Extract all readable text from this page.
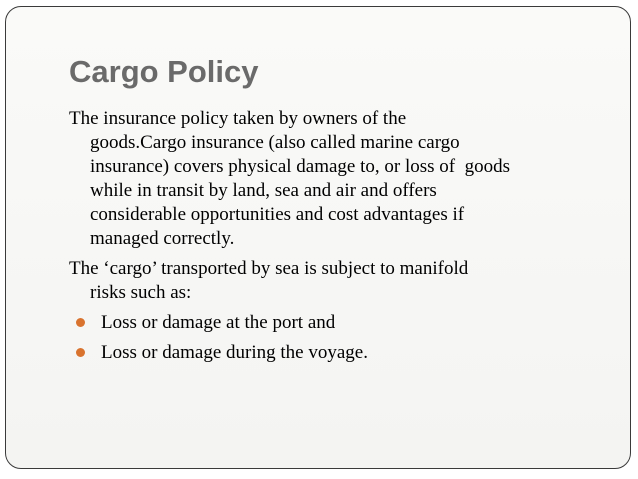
Cargo Policy

The insurance policy taken by owners of the
goods.Cargo insurance (also called marine cargo
insurance) covers physical damage to, or loss of  goods
while in transit by land, sea and air and offers
considerable opportunities and cost advantages if
managed correctly.

The ‘cargo’ transported by sea is subject to manifold
risks such as:

Loss or damage at the port and
Loss or damage during the voyage.
